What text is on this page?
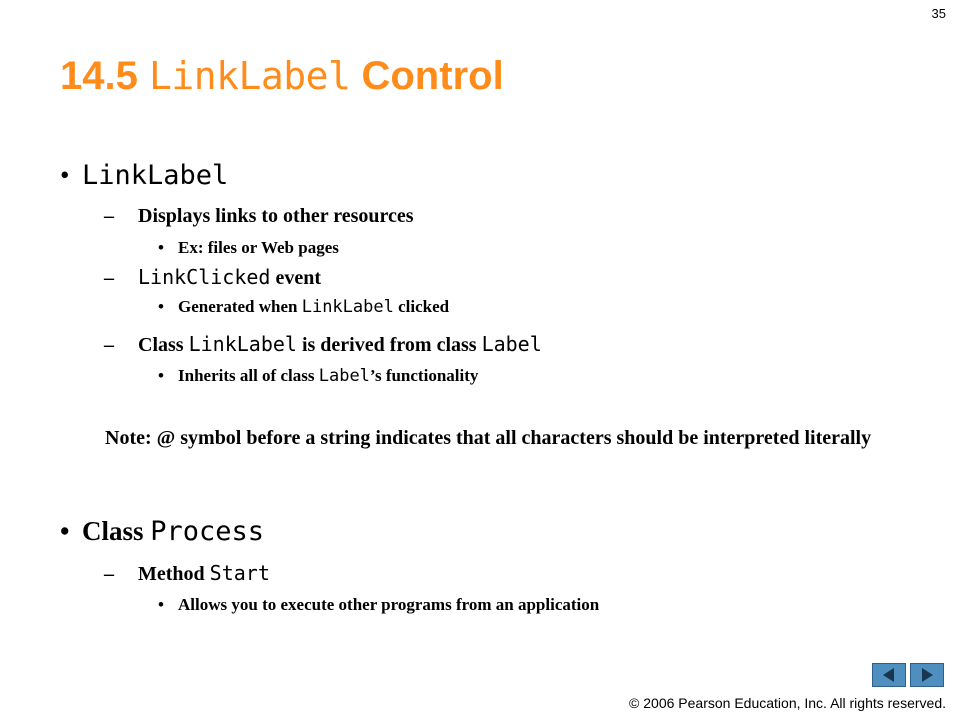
35
14.5 LinkLabel Control
• LinkLabel
– Displays links to other resources
• Ex: files or Web pages
– LinkClicked event
• Generated when LinkLabel clicked
– Class LinkLabel is derived from class Label
• Inherits all of class Label’s functionality
Note: @ symbol before a string indicates that all characters should be interpreted literally
• Class Process
– Method Start
• Allows you to execute other programs from an application
© 2006 Pearson Education, Inc. All rights reserved.
